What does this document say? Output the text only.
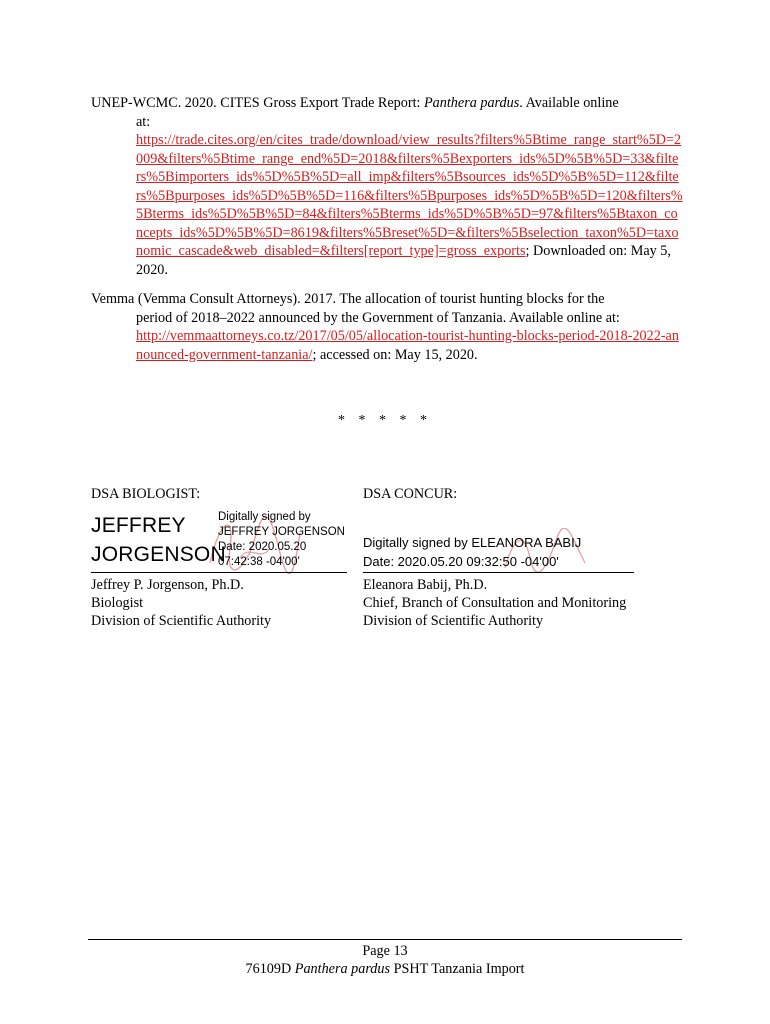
UNEP-WCMC. 2020. CITES Gross Export Trade Report: Panthera pardus. Available online
at:
https://trade.cites.org/en/cites_trade/download/view_results?filters%5Btime_range_start%5D=2009&filters%5Btime_range_end%5D=2018&filters%5Bexporters_ids%5D%5B%5D=33&filters%5Bimporters_ids%5D%5B%5D=all_imp&filters%5Bsources_ids%5D%5B%5D=112&filters%5Bpurposes_ids%5D%5B%5D=116&filters%5Bpurposes_ids%5D%5B%5D=120&filters%5Bterms_ids%5D%5B%5D=84&filters%5Bterms_ids%5D%5B%5D=97&filters%5Btaxon_concepts_ids%5D%5B%5D=8619&filters%5Breset%5D=&filters%5Bselection_taxon%5D=taxonomic_cascade&web_disabled=&filters[report_type]=gross_exports; Downloaded on: May 5, 2020.
Vemma (Vemma Consult Attorneys). 2017. The allocation of tourist hunting blocks for the
period of 2018–2022 announced by the Government of Tanzania. Available online at:
http://vemmaattorneys.co.tz/2017/05/05/allocation-tourist-hunting-blocks-period-2018-2022-announced-government-tanzania/; accessed on: May 15, 2020.
* * * * *
DSA BIOLOGIST:
JEFFREY
JORGENSON
Digitally signed by
JEFFREY JORGENSON
Date: 2020.05.20
07:42:38 -04'00'
Jeffrey P. Jorgenson, Ph.D.
Biologist
Division of Scientific Authority
DSA CONCUR:
Digitally signed by ELEANORA BABIJ
Date: 2020.05.20 09:32:50 -04'00'
Eleanora Babij, Ph.D.
Chief, Branch of Consultation and Monitoring
Division of Scientific Authority
Page 13
76109D Panthera pardus PSHT Tanzania Import
